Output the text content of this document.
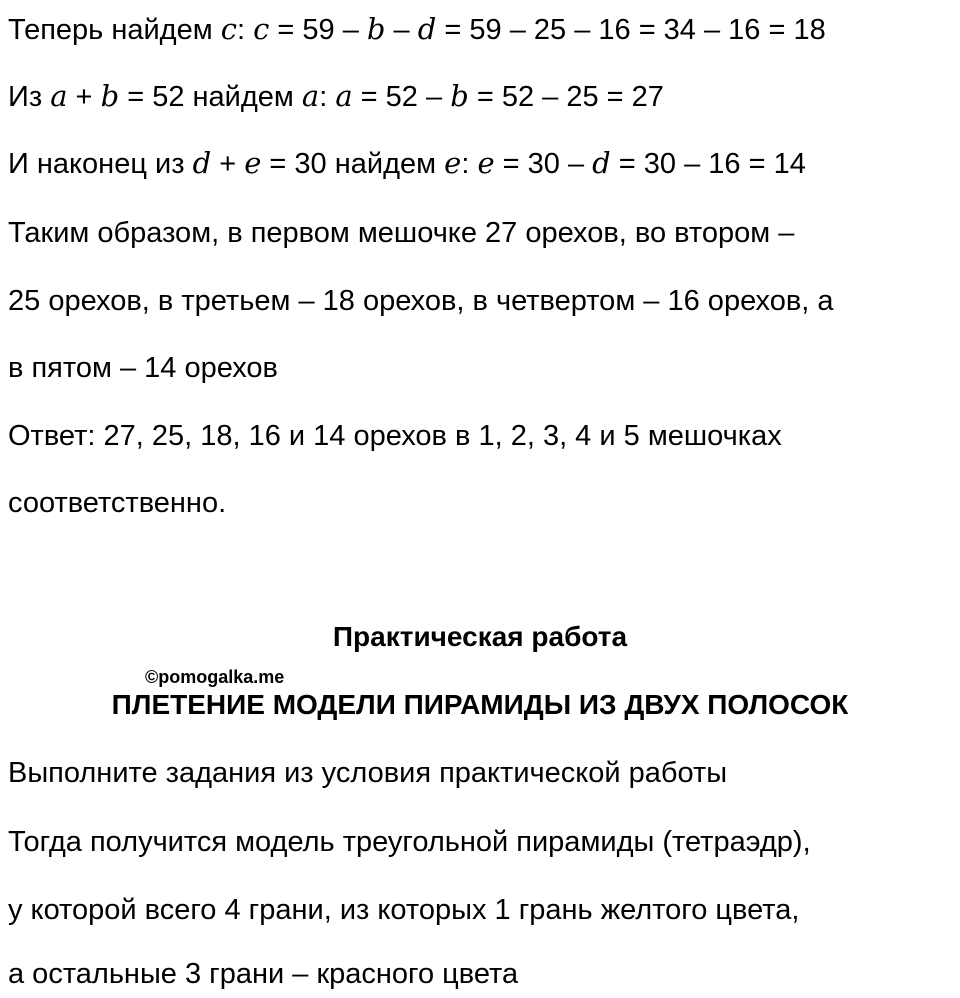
Теперь найдем c: c = 59 – b – d = 59 – 25 – 16 = 34 – 16 = 18
Из a + b = 52 найдем a: a = 52 – b = 52 – 25 = 27
И наконец из d + e = 30 найдем e: e = 30 – d = 30 – 16 = 14
Таким образом, в первом мешочке 27 орехов, во втором –
25 орехов, в третьем – 18 орехов, в четвертом – 16 орехов, а
в пятом – 14 орехов
Ответ: 27, 25, 18, 16 и 14 орехов в 1, 2, 3, 4 и 5 мешочках
соответственно.
Практическая работа
©pomogalka.me
ПЛЕТЕНИЕ МОДЕЛИ ПИРАМИДЫ ИЗ ДВУХ ПОЛОСОК
Выполните задания из условия практической работы
Тогда получится модель треугольной пирамиды (тетраэдр),
у которой всего 4 грани, из которых 1 грань желтого цвета,
а остальные 3 грани – красного цвета
